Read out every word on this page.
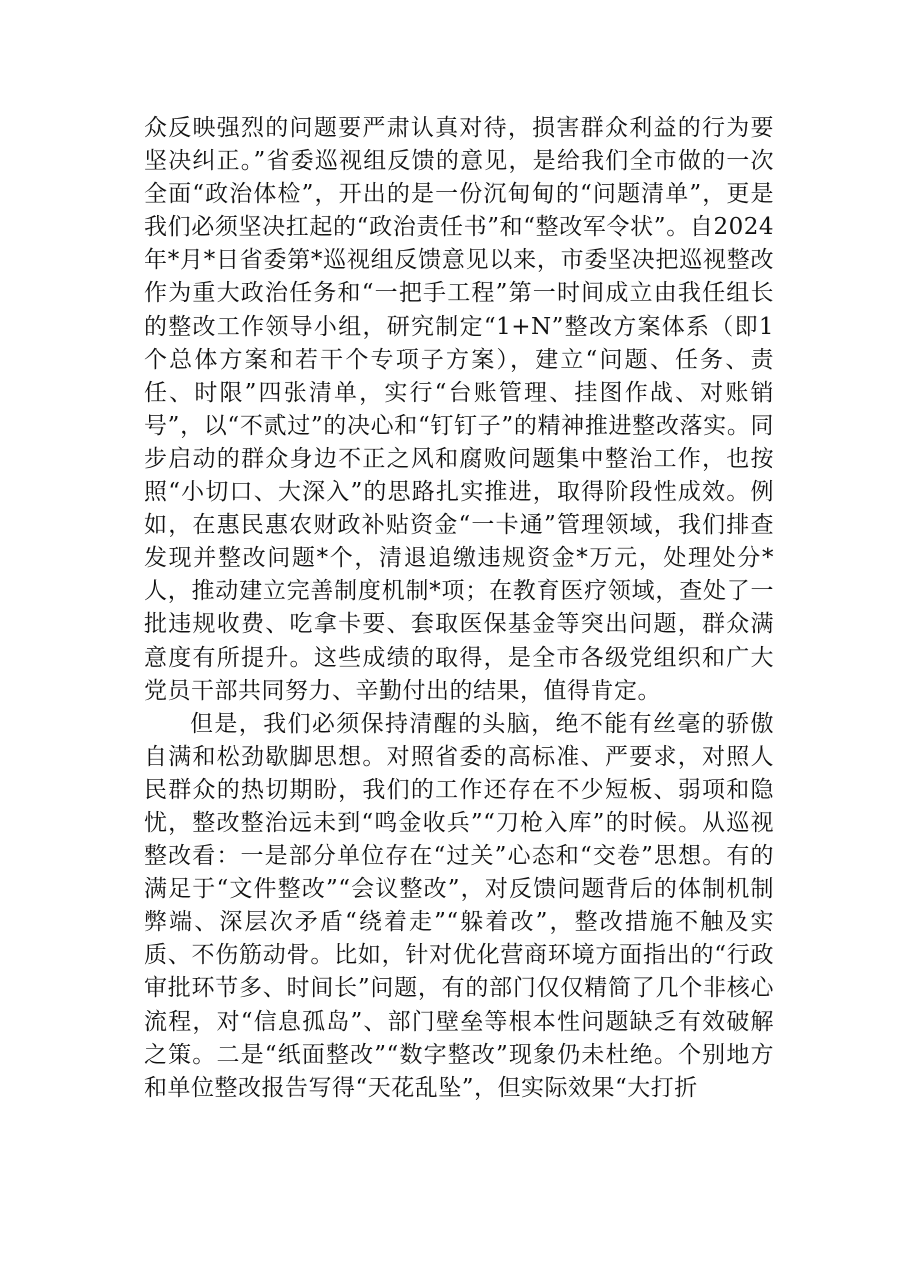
众反映强烈的问题要严肃认真对待，损害群众利益的行为要坚决纠正。”省委巡视组反馈的意见，是给我们全市做的一次全面“政治体检”，开出的是一份沉甸甸的“问题清单”，更是我们必须坚决扛起的“政治责任书”和“整改军令状”。自2024年*月*日省委第*巡视组反馈意见以来，市委坚决把巡视整改作为重大政治任务和“一把手工程”第一时间成立由我任组长的整改工作领导小组，研究制定“1+N”整改方案体系（即1个总体方案和若干个专项子方案），建立“问题、任务、责任、时限”四张清单，实行“台账管理、挂图作战、对账销号”，以“不贰过”的决心和“钉钉子”的精神推进整改落实。同步启动的群众身边不正之风和腐败问题集中整治工作，也按照“小切口、大深入”的思路扎实推进，取得阶段性成效。例如，在惠民惠农财政补贴资金“一卡通”管理领域，我们排查发现并整改问题*个，清退追缴违规资金*万元，处理处分*人，推动建立完善制度机制*项；在教育医疗领域，查处了一批违规收费、吃拿卡要、套取医保基金等突出问题，群众满意度有所提升。这些成绩的取得，是全市各级党组织和广大党员干部共同努力、辛勤付出的结果，值得肯定。

但是，我们必须保持清醒的头脑，绝不能有丝毫的骄傲自满和松劲歇脚思想。对照省委的高标准、严要求，对照人民群众的热切期盼，我们的工作还存在不少短板、弱项和隐忧，整改整治远未到“鸣金收兵”“刀枪入库”的时候。从巡视整改看：一是部分单位存在“过关”心态和“交卷”思想。有的满足于“文件整改”“会议整改”，对反馈问题背后的体制机制弊端、深层次矛盾“绕着走”“躲着改”，整改措施不触及实质、不伤筋动骨。比如，针对优化营商环境方面指出的“行政审批环节多、时间长”问题，有的部门仅仅精简了几个非核心流程，对“信息孤岛”、部门壁垒等根本性问题缺乏有效破解之策。二是“纸面整改”“数字整改”现象仍未杜绝。个别地方和单位整改报告写得“天花乱坠”，但实际效果“大打折
